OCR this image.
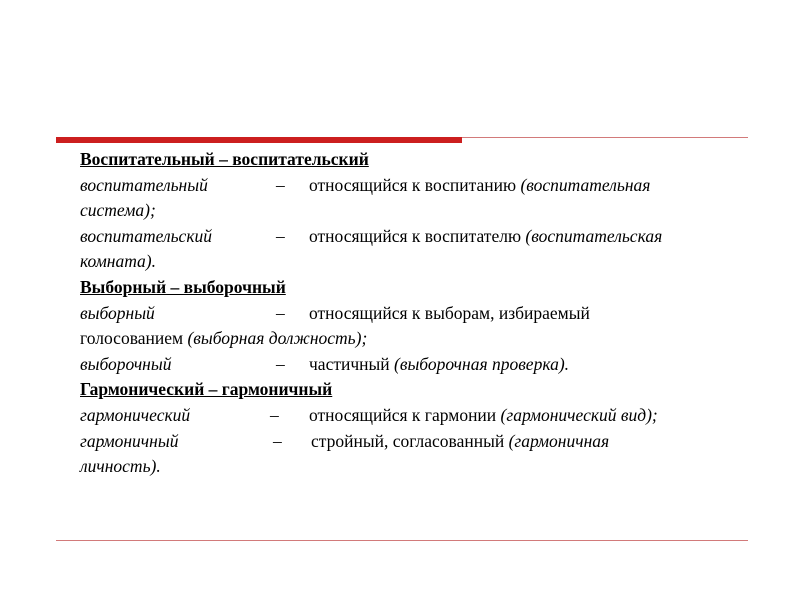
Воспитательный – воспитательский
воспитательный	– относящийся к воспитанию (воспитательная
система);
воспитательский	– относящийся к воспитателю (воспитательская
комната).
Выборный – выборочный
выборный	– относящийся к выборам, избираемый
голосованием (выборная должность);
выборочный	– частичный (выборочная проверка).
Гармонический – гармоничный
гармонический	– относящийся к гармонии (гармонический вид);
гармоничный	– стройный, согласованный (гармоничная
личность).
